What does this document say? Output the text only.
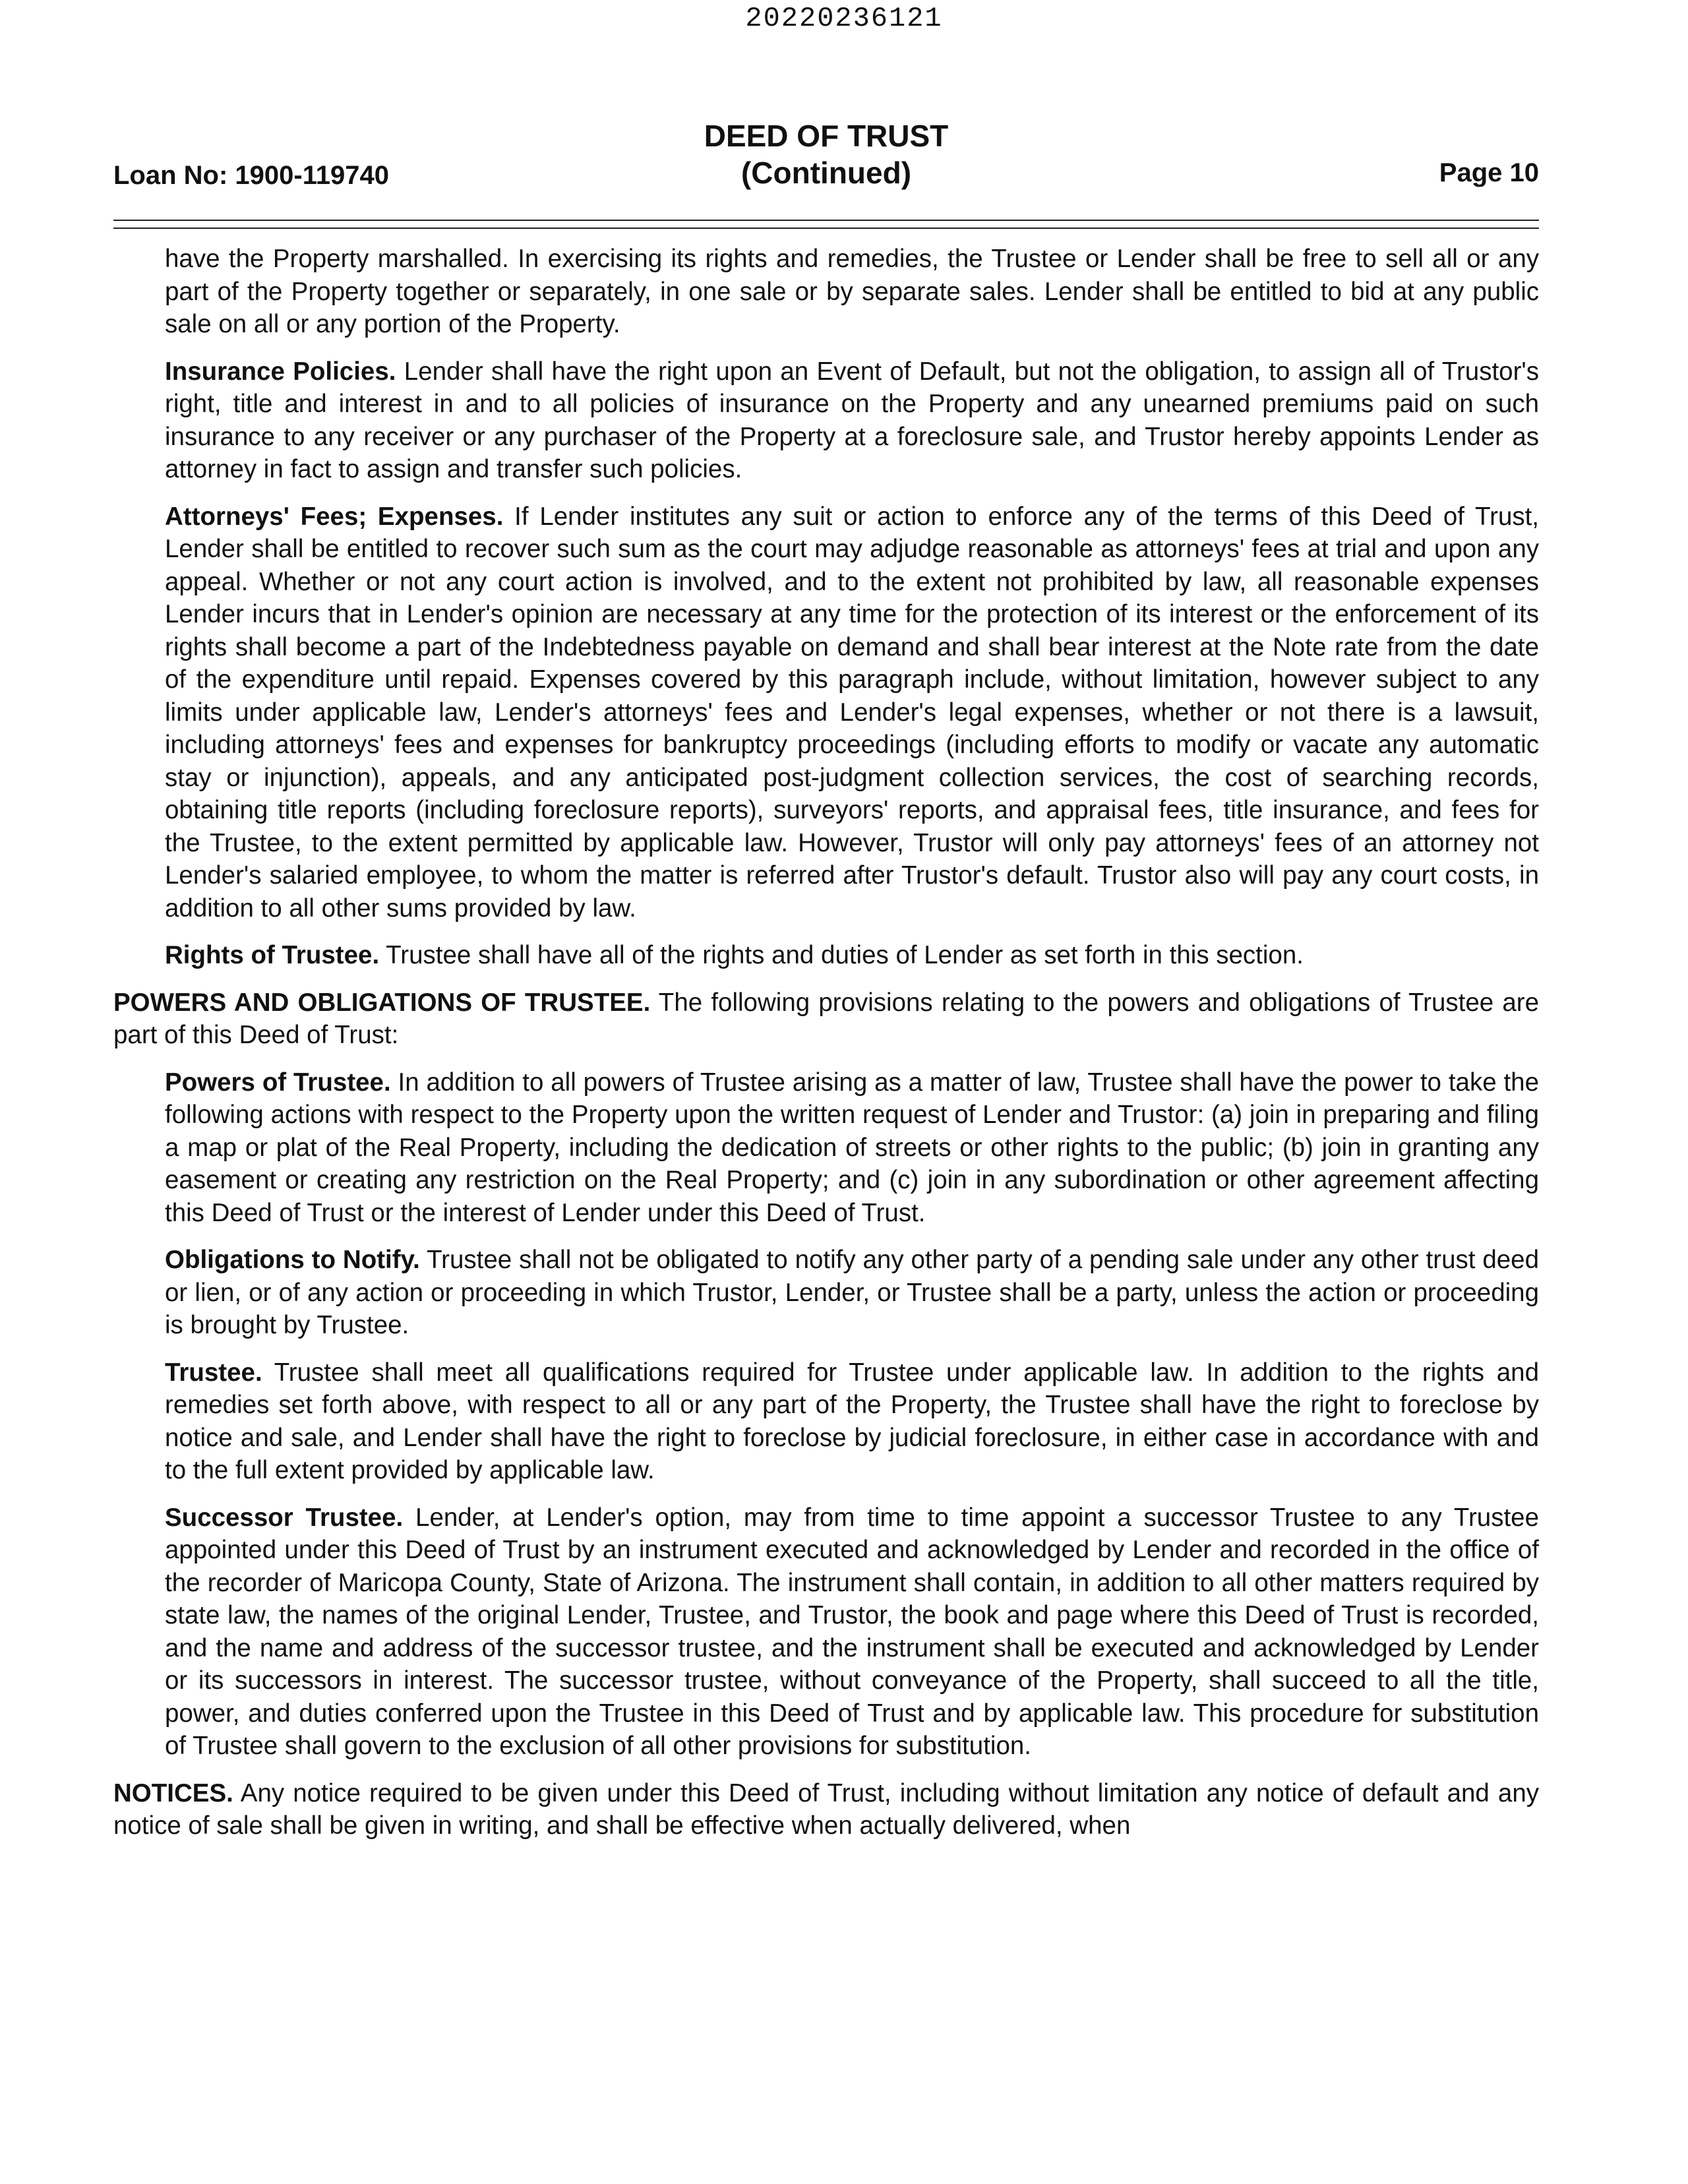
20220236121
Loan No: 1900-119740
DEED OF TRUST
(Continued)	Page 10

have the Property marshalled. In exercising its rights and remedies, the Trustee or Lender shall be free to sell all or any part of the Property together or separately, in one sale or by separate sales. Lender shall be entitled to bid at any public sale on all or any portion of the Property.

Insurance Policies. Lender shall have the right upon an Event of Default, but not the obligation, to assign all of Trustor's right, title and interest in and to all policies of insurance on the Property and any unearned premiums paid on such insurance to any receiver or any purchaser of the Property at a foreclosure sale, and Trustor hereby appoints Lender as attorney in fact to assign and transfer such policies.

Attorneys' Fees; Expenses. If Lender institutes any suit or action to enforce any of the terms of this Deed of Trust, Lender shall be entitled to recover such sum as the court may adjudge reasonable as attorneys' fees at trial and upon any appeal. Whether or not any court action is involved, and to the extent not prohibited by law, all reasonable expenses Lender incurs that in Lender's opinion are necessary at any time for the protection of its interest or the enforcement of its rights shall become a part of the Indebtedness payable on demand and shall bear interest at the Note rate from the date of the expenditure until repaid. Expenses covered by this paragraph include, without limitation, however subject to any limits under applicable law, Lender's attorneys' fees and Lender's legal expenses, whether or not there is a lawsuit, including attorneys' fees and expenses for bankruptcy proceedings (including efforts to modify or vacate any automatic stay or injunction), appeals, and any anticipated post-judgment collection services, the cost of searching records, obtaining title reports (including foreclosure reports), surveyors' reports, and appraisal fees, title insurance, and fees for the Trustee, to the extent permitted by applicable law. However, Trustor will only pay attorneys' fees of an attorney not Lender's salaried employee, to whom the matter is referred after Trustor's default. Trustor also will pay any court costs, in addition to all other sums provided by law.

Rights of Trustee. Trustee shall have all of the rights and duties of Lender as set forth in this section.

POWERS AND OBLIGATIONS OF TRUSTEE. The following provisions relating to the powers and obligations of Trustee are part of this Deed of Trust:

Powers of Trustee. In addition to all powers of Trustee arising as a matter of law, Trustee shall have the power to take the following actions with respect to the Property upon the written request of Lender and Trustor: (a) join in preparing and filing a map or plat of the Real Property, including the dedication of streets or other rights to the public; (b) join in granting any easement or creating any restriction on the Real Property; and (c) join in any subordination or other agreement affecting this Deed of Trust or the interest of Lender under this Deed of Trust.

Obligations to Notify. Trustee shall not be obligated to notify any other party of a pending sale under any other trust deed or lien, or of any action or proceeding in which Trustor, Lender, or Trustee shall be a party, unless the action or proceeding is brought by Trustee.

Trustee. Trustee shall meet all qualifications required for Trustee under applicable law. In addition to the rights and remedies set forth above, with respect to all or any part of the Property, the Trustee shall have the right to foreclose by notice and sale, and Lender shall have the right to foreclose by judicial foreclosure, in either case in accordance with and to the full extent provided by applicable law.

Successor Trustee. Lender, at Lender's option, may from time to time appoint a successor Trustee to any Trustee appointed under this Deed of Trust by an instrument executed and acknowledged by Lender and recorded in the office of the recorder of Maricopa County, State of Arizona. The instrument shall contain, in addition to all other matters required by state law, the names of the original Lender, Trustee, and Trustor, the book and page where this Deed of Trust is recorded, and the name and address of the successor trustee, and the instrument shall be executed and acknowledged by Lender or its successors in interest. The successor trustee, without conveyance of the Property, shall succeed to all the title, power, and duties conferred upon the Trustee in this Deed of Trust and by applicable law. This procedure for substitution of Trustee shall govern to the exclusion of all other provisions for substitution.

NOTICES. Any notice required to be given under this Deed of Trust, including without limitation any notice of default and any notice of sale shall be given in writing, and shall be effective when actually delivered, when
